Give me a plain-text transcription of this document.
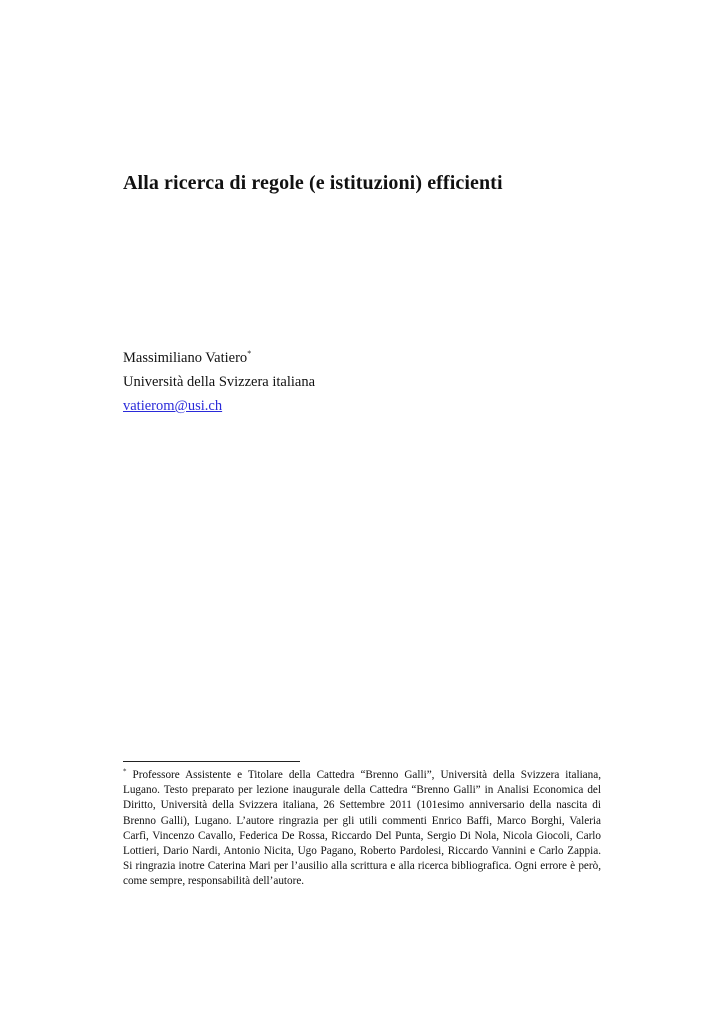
Alla ricerca di regole (e istituzioni) efficienti
Massimiliano Vatiero*
Università della Svizzera italiana
vatierom@usi.ch

* Professore Assistente e Titolare della Cattedra “Brenno Galli”, Università della Svizzera italiana, Lugano. Testo preparato per lezione inaugurale della Cattedra “Brenno Galli” in Analisi Economica del Diritto, Università della Svizzera italiana, 26 Settembre 2011 (101esimo anniversario della nascita di Brenno Galli), Lugano. L’autore ringrazia per gli utili commenti Enrico Baffi, Marco Borghi, Valeria Carfì, Vincenzo Cavallo, Federica De Rossa, Riccardo Del Punta, Sergio Di Nola, Nicola Giocoli, Carlo Lottieri, Dario Nardi, Antonio Nicita, Ugo Pagano, Roberto Pardolesi, Riccardo Vannini e Carlo Zappia. Si ringrazia inotre Caterina Mari per l’ausilio alla scrittura e alla ricerca bibliografica. Ogni errore è però, come sempre, responsabilità dell’autore.
